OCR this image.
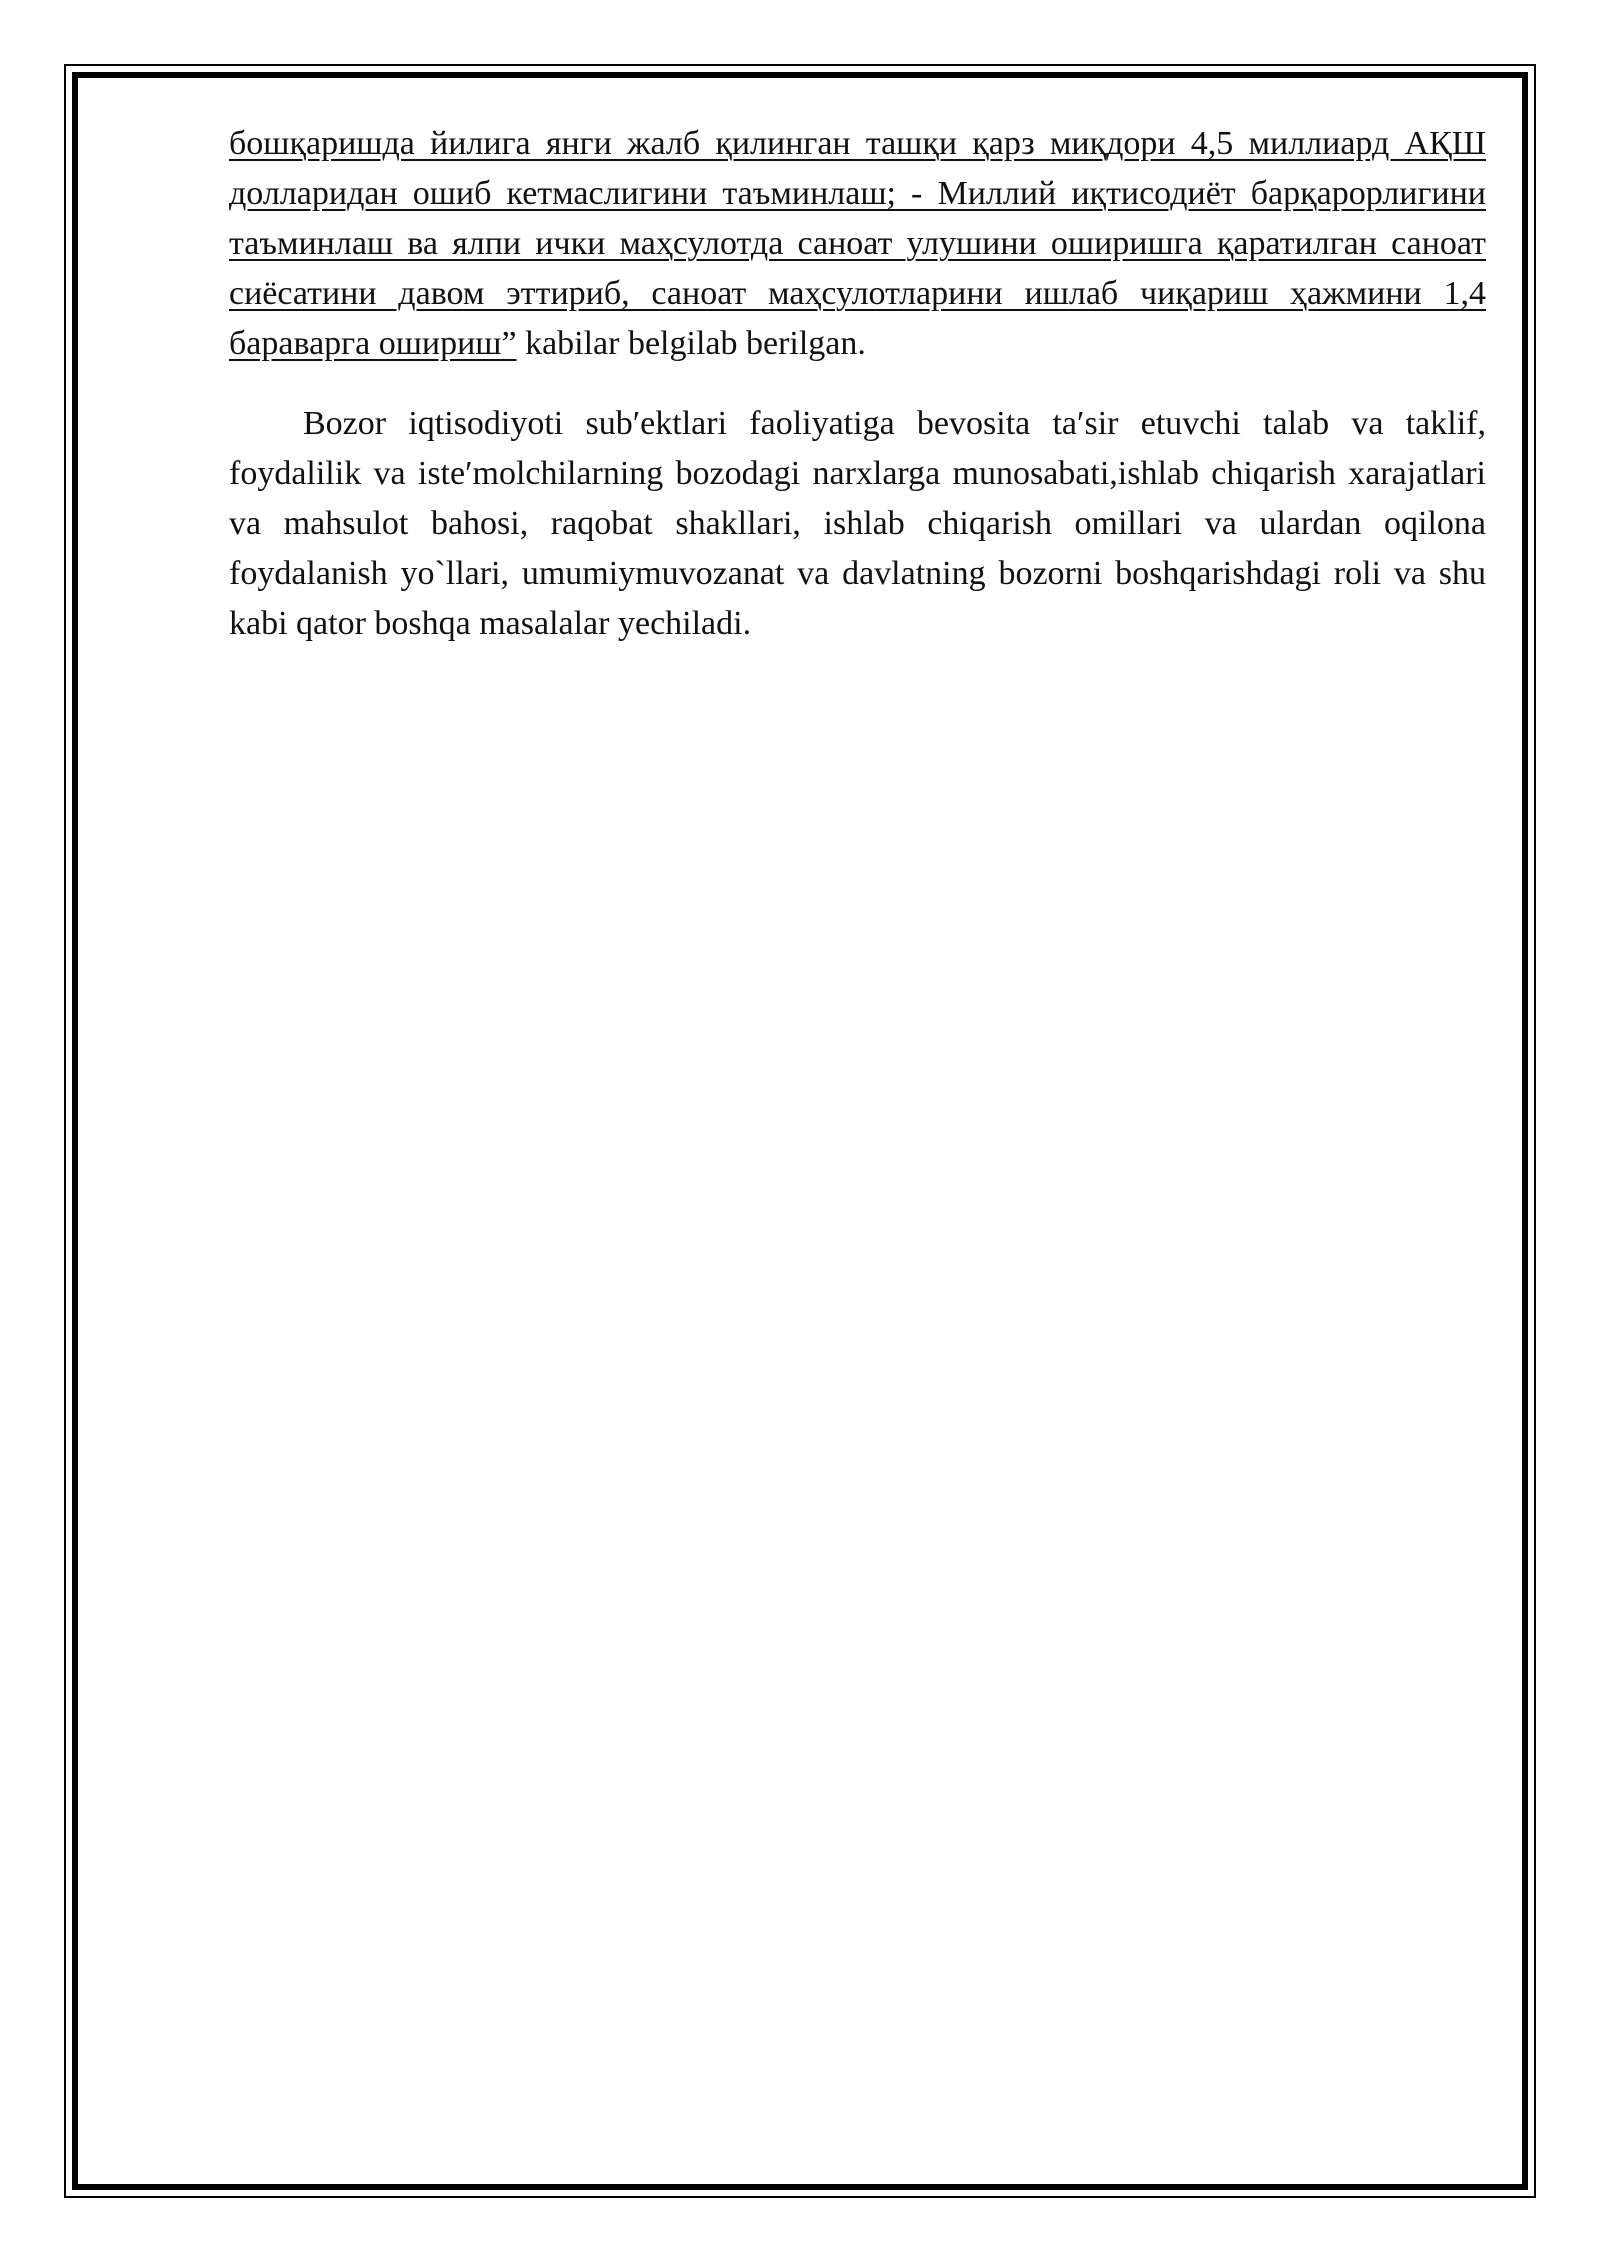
бошқаришда йилига янги жалб қилинган ташқи қарз миқдори 4,5 миллиард АҚШ долларидан ошиб кетмаслигини таъминлаш; - Миллий иқтисодиёт барқарорлигини таъминлаш ва ялпи ички маҳсулотда саноат улушини оширишга қаратилган саноат сиёсатини давом эттириб, саноат маҳсулотларини ишлаб чиқариш ҳажмини 1,4 бараварга ошириш” kabilar belgilab berilgan.

Bozor iqtisodiyoti sub′ektlari faoliyatiga bevosita ta′sir etuvchi talab va taklif, foydalilik va iste′molchilarning bozodagi narxlarga munosabati,ishlab chiqarish xarajatlari va mahsulot bahosi, raqobat shakllari, ishlab chiqarish omillari va ulardan oqilona foydalanish yo`llari, umumiymuvozanat va davlatning bozorni boshqarishdagi roli va shu kabi qator boshqa masalalar yechiladi.
